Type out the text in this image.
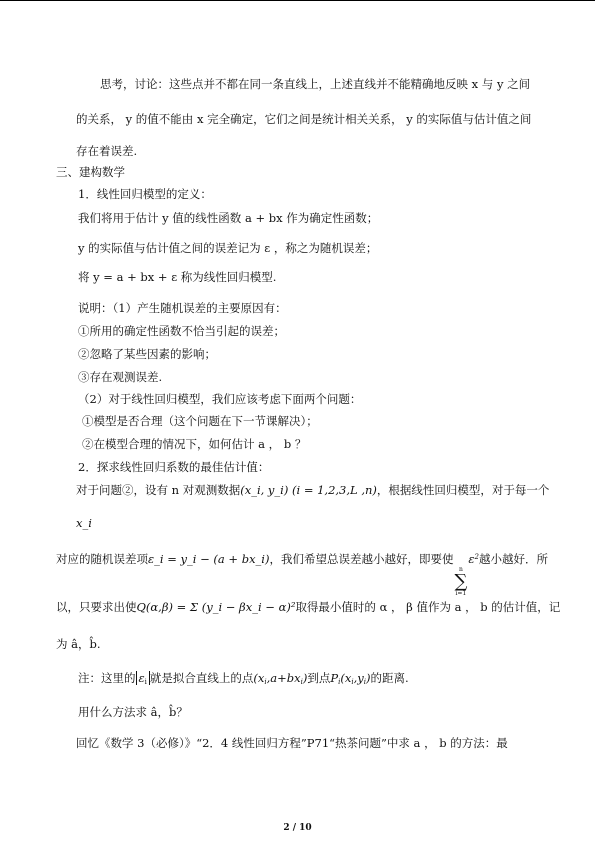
思考，讨论：这些点并不都在同一条直线上，上述直线并不能精确地反映 x 与 y 之间
的关系， y 的值不能由 x 完全确定，它们之间是统计相关关系， y 的实际值与估计值之间
存在着误差.
三、建构数学
1．线性回归模型的定义：
我们将用于估计 y 值的线性函数 a + bx 作为确定性函数；
y 的实际值与估计值之间的误差记为 ε ，称之为随机误差；
将 y = a + bx + ε 称为线性回归模型.
说明：（1）产生随机误差的主要原因有：
①所用的确定性函数不恰当引起的误差；
②忽略了某些因素的影响；
③存在观测误差.
（2）对于线性回归模型，我们应该考虑下面两个问题：
①模型是否合理（这个问题在下一节课解决）；
②在模型合理的情况下，如何估计 a ， b ？
2．探求线性回归系数的最佳估计值：
对于问题②，设有 n 对观测数据(x_i, y_i) (i = 1,2,3,L ,n)，根据线性回归模型，对于每一个
x_i
对应的随机误差项ε_i = y_i − (a + bx_i)，我们希望总误差越小越好，即要使
n
∑
i=1
$\varepsilon^2$越小越好．所
以，只要求出使Q(α,β) = Σ (y_i − βx_i − α)²取得最小值时的 α ， β 值作为 a ， b 的估计值，记
为 â，b̂.
注：这里的 $\varepsilon_i$ 就是拟合直线上的点$(x_i,a+bx_i)$到点$P_i(x_i,y_i)$的距离.
用什么方法求 â，b̂？
回忆《数学 3（必修）》“2．4 线性回归方程”P71“热茶问题”中求 a ， b 的方法：最
2 / 10
